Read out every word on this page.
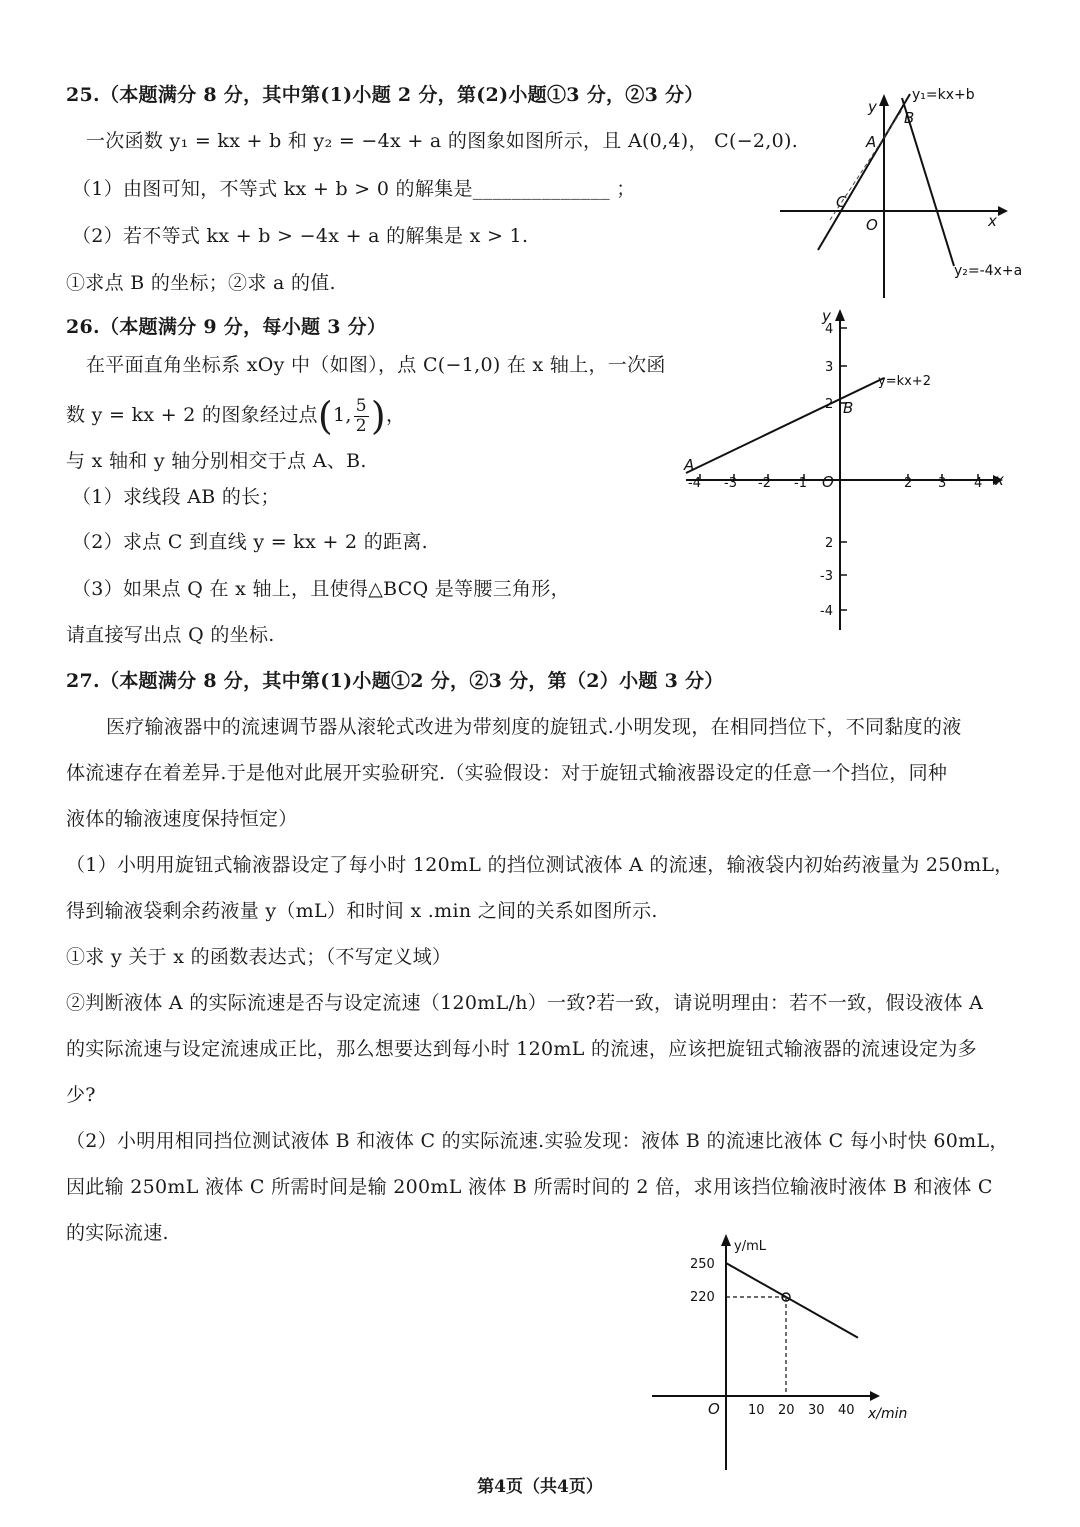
25.（本题满分 8 分，其中第(1)小题 2 分，第(2)小题①3 分，②3 分）
一次函数 y₁ = kx + b 和 y₂ = −4x + a 的图象如图所示，且 A(0,4)， C(−2,0).
（1）由图可知，不等式 kx + b > 0 的解集是______________ ；
（2）若不等式 kx + b > −4x + a 的解集是 x > 1.
①求点 B 的坐标；②求 a 的值.
x
y
O
A
B
C
y₁=kx+b
y₂=-4x+a
26.（本题满分 9 分，每小题 3 分）
在平面直角坐标系 xOy 中（如图），点 C(−1,0) 在 x 轴上，一次函
数 y = kx + 2 的图象经过点(1, $\frac{5}{2}$ )，
与 x 轴和 y 轴分别相交于点 A、B.
（1）求线段 AB 的长；
（2）求点 C 到直线 y = kx + 2 的距离.
（3）如果点 Q 在 x 轴上，且使得△BCQ 是等腰三角形，
请直接写出点 Q 的坐标.
x
y
O
A
B
y=kx+2
-4 -3 -2 -1	2 3 4
4
3
2
2
-3
-4
27.（本题满分 8 分，其中第(1)小题①2 分，②3 分，第（2）小题 3 分）
医疗输液器中的流速调节器从滚轮式改进为带刻度的旋钮式.小明发现，在相同挡位下，不同黏度的液
体流速存在着差异.于是他对此展开实验研究.（实验假设：对于旋钮式输液器设定的任意一个挡位，同种
液体的输液速度保持恒定）
（1）小明用旋钮式输液器设定了每小时 120mL 的挡位测试液体 A 的流速，输液袋内初始药液量为 250mL，
得到输液袋剩余药液量 y（mL）和时间 x .min 之间的关系如图所示.
①求 y 关于 x 的函数表达式；（不写定义域）
②判断液体 A 的实际流速是否与设定流速（120mL/h）一致?若一致，请说明理由：若不一致，假设液体 A
的实际流速与设定流速成正比，那么想要达到每小时 120mL 的流速，应该把旋钮式输液器的流速设定为多
少?
（2）小明用相同挡位测试液体 B 和液体 C 的实际流速.实验发现：液体 B 的流速比液体 C 每小时快 60mL，
因此输 250mL 液体 C 所需时间是输 200mL 液体 B 所需时间的 2 倍，求用该挡位输液时液体 B 和液体 C
的实际流速.
y/mL
x/min
O
250
220
10 20 30 40
第4页（共4页）
